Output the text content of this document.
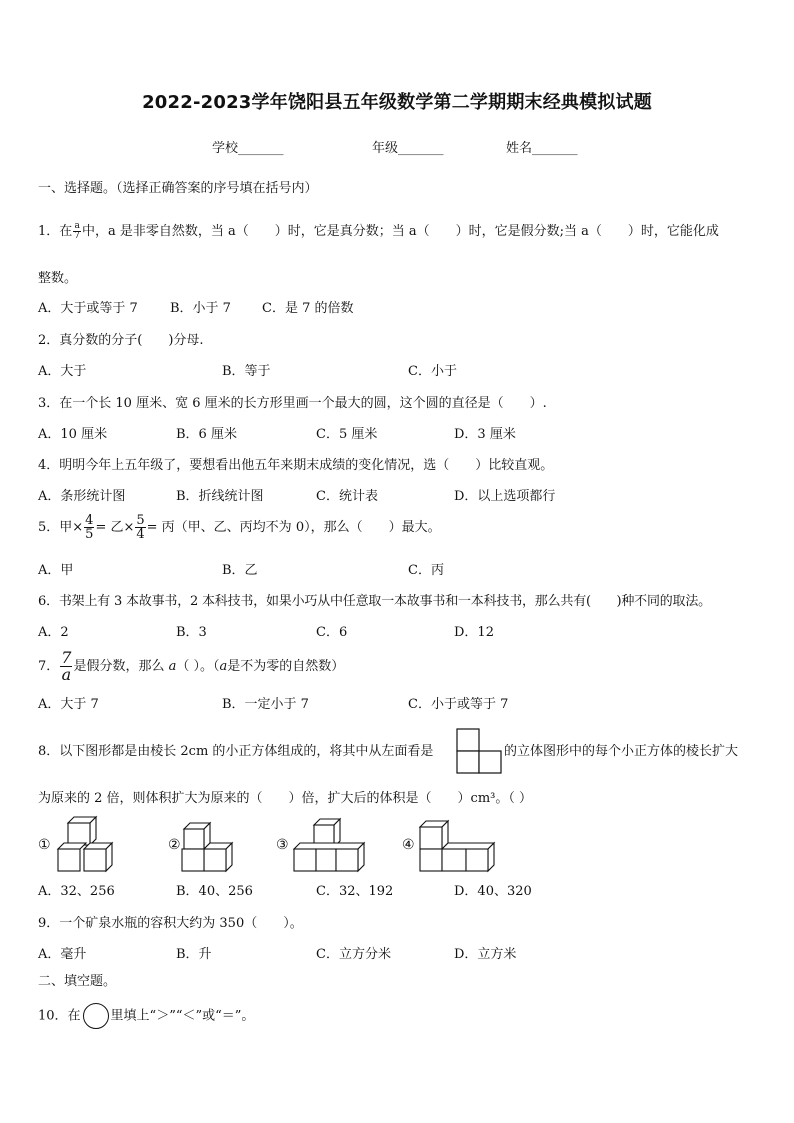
2022-2023学年饶阳县五年级数学第二学期期末经典模拟试题
学校_______	年级_______	姓名_______
一、选择题。（选择正确答案的序号填在括号内）
1．在 $\frac{a}{7}$ 中，a 是非零自然数，当 a（　　）时，它是真分数；当 a（　　）时，它是假分数;当 a（　　）时，它能化成
整数。
A．大于或等于 7 B．小于 7 C．是 7 的倍数
2．真分数的分子(　　)分母.
A．大于	B．等于	C．小于
3．在一个长 10 厘米、宽 6 厘米的长方形里画一个最大的圆，这个圆的直径是（　　）.
A．10 厘米	B．6 厘米	C．5 厘米	D．3 厘米
4．明明今年上五年级了，要想看出他五年来期末成绩的变化情况，选（　　）比较直观。
A．条形统计图	B．折线统计图	C．统计表	D．以上选项都行
5．甲× $\frac{4}{5}$ = 乙× $\frac{5}{4}$ = 丙（甲、乙、丙均不为 0），那么（　　）最大。
A．甲	B．乙	C．丙
6．书架上有 3 本故事书，2 本科技书，如果小巧从中任意取一本故事书和一本科技书，那么共有(　　)种不同的取法。
A．2	B．3	C．6	D．12
7． $\frac{7}{a}$ 是假分数，那么 a（ ）。（a是不为零的自然数）
A．大于 7	B．一定小于 7	C．小于或等于 7
8．以下图形都是由棱长 2cm 的小正方体组成的，将其中从左面看是	的立体图形中的每个小正方体的棱长扩大
为原来的 2 倍，则体积扩大为原来的（　　）倍，扩大后的体积是（　　）cm³。（ ）
①	②	③	④
A．32、256	B．40、256	C．32、192	D．40、320
9．一个矿泉水瓶的容积大约为 350（　　）。
A．毫升	B．升	C．立方分米	D．立方米
二、填空题。
10．在 里填上“＞”“＜”或“＝”。
